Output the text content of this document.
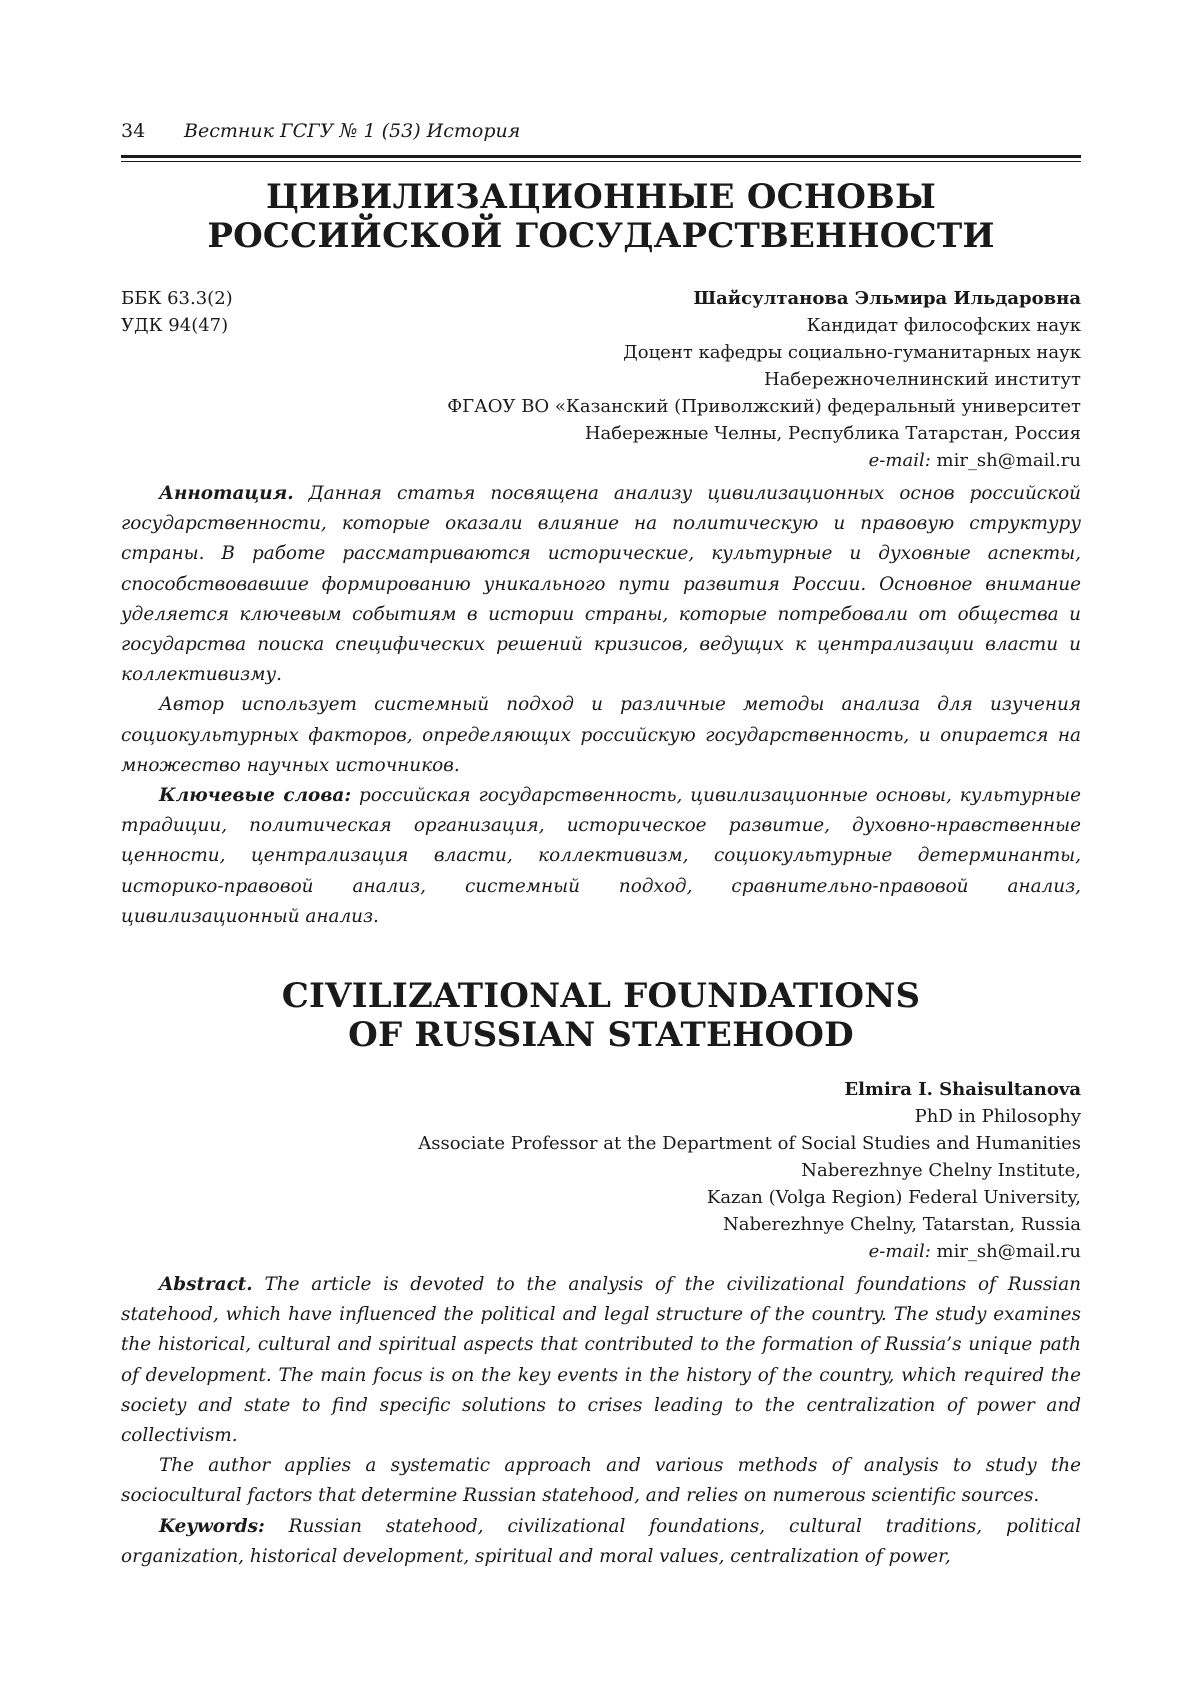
34 Вестник ГСГУ № 1 (53) История
ЦИВИЛИЗАЦИОННЫЕ ОСНОВЫ
РОССИЙСКОЙ ГОСУДАРСТВЕННОСТИ
ББК 63.3(2)
УДК 94(47)
Шайсултанова Эльмира Ильдаровна
Кандидат философских наук
Доцент кафедры социально-гуманитарных наук
Набережночелнинский институт
ФГАОУ ВО «Казанский (Приволжский) федеральный университет
Набережные Челны, Республика Татарстан, Россия
e-mail: mir_sh@mail.ru

Аннотация. Данная статья посвящена анализу цивилизационных основ российской государственности, которые оказали влияние на политическую и правовую структуру страны. В работе рассматриваются исторические, культурные и духовные аспекты, способствовавшие формированию уникального пути развития России. Основное внимание уделяется ключевым событиям в истории страны, которые потребовали от общества и государства поиска специфических решений кризисов, ведущих к централизации власти и коллективизму.

Автор использует системный подход и различные методы анализа для изучения социокультурных факторов, определяющих российскую государственность, и опирается на множество научных источников.

Ключевые слова: российская государственность, цивилизационные основы, культурные традиции, политическая организация, историческое развитие, духовно-нравственные ценности, централизация власти, коллективизм, социокультурные детерминанты, историко-правовой анализ, системный подход, сравнительно-правовой анализ, цивилизационный анализ.

CIVILIZATIONAL FOUNDATIONS
OF RUSSIAN STATEHOOD
Elmira I. Shaisultanova
PhD in Philosophy
Associate Professor at the Department of Social Studies and Humanities
Naberezhnye Chelny Institute,
Kazan (Volga Region) Federal University,
Naberezhnye Chelny, Tatarstan, Russia
e-mail: mir_sh@mail.ru

Abstract. The article is devoted to the analysis of the civilizational foundations of Russian statehood, which have influenced the political and legal structure of the country. The study examines the historical, cultural and spiritual aspects that contributed to the formation of Russia’s unique path of development. The main focus is on the key events in the history of the country, which required the society and state to find specific solutions to crises leading to the centralization of power and collectivism.

The author applies a systematic approach and various methods of analysis to study the sociocultural factors that determine Russian statehood, and relies on numerous scientific sources.

Keywords: Russian statehood, civilizational foundations, cultural traditions, political organization, historical development, spiritual and moral values, centralization of power,
